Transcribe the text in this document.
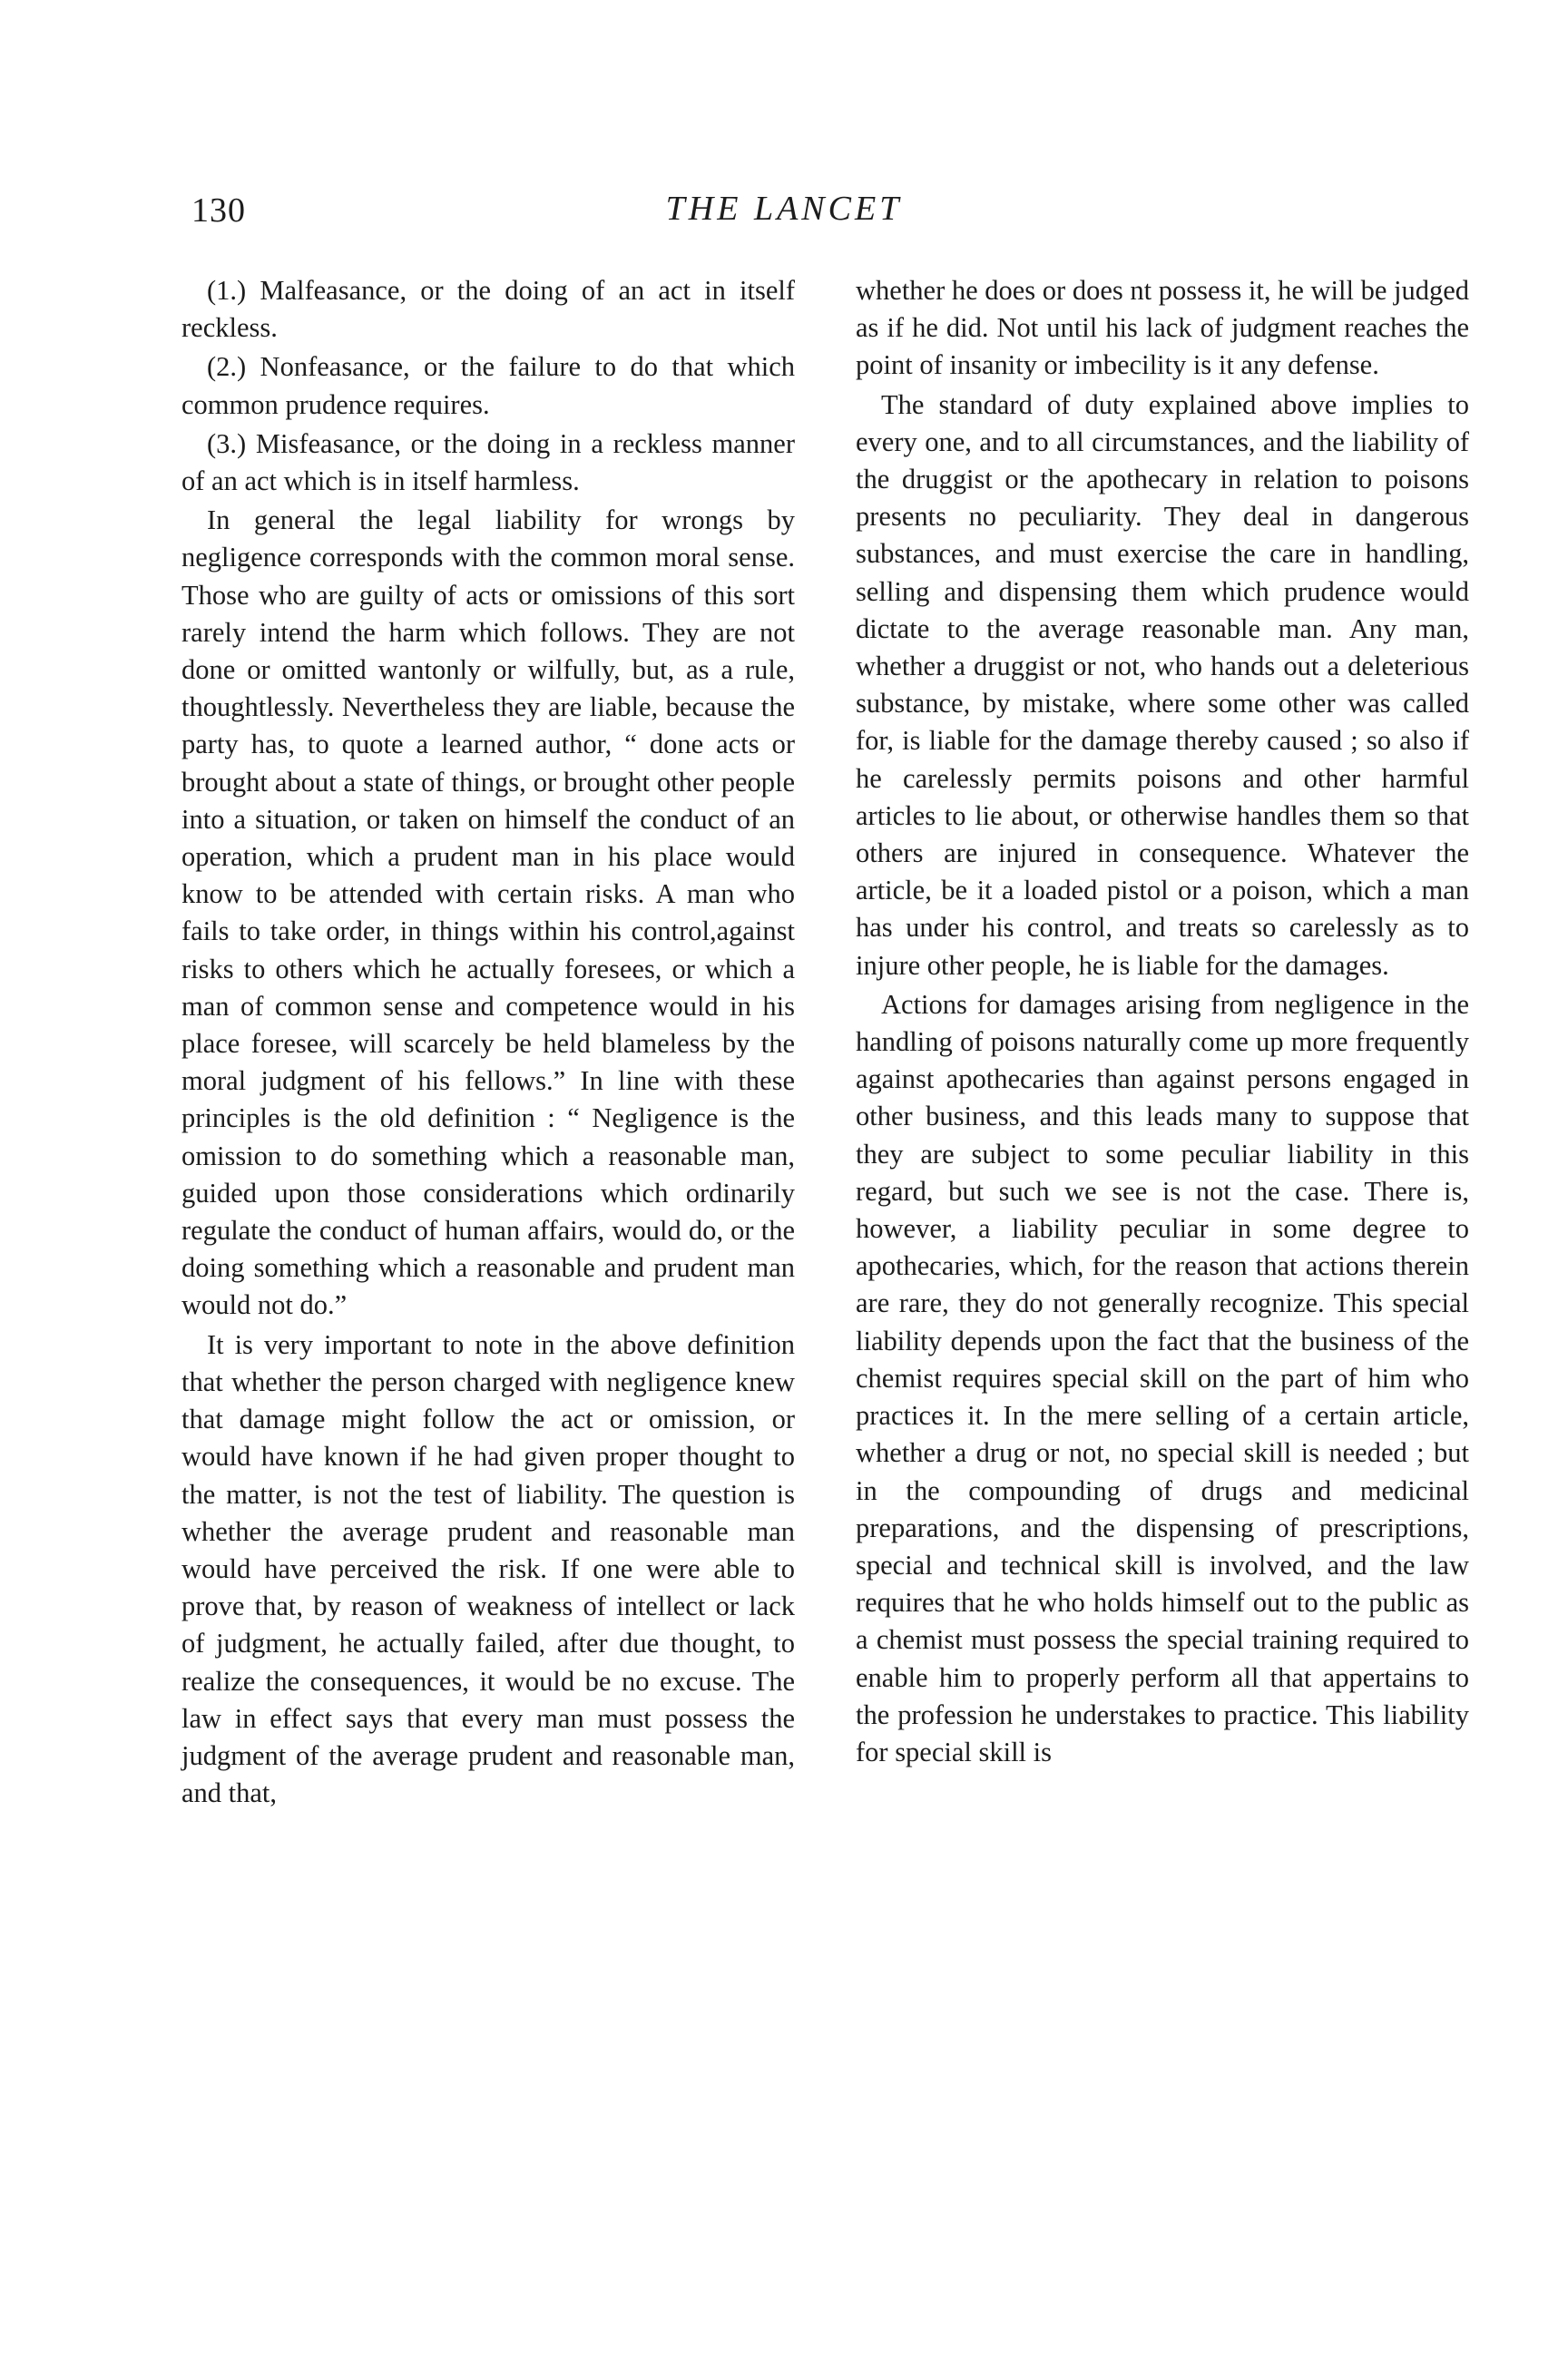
130	THE LANCET

(1.) Malfeasance, or the doing of an act in itself reckless.

(2.) Nonfeasance, or the failure to do that which common prudence requires.

(3.) Misfeasance, or the doing in a reckless manner of an act which is in itself harmless.

In general the legal liability for wrongs by negligence corresponds with the common moral sense. Those who are guilty of acts or omissions of this sort rarely intend the harm which follows. They are not done or omitted wantonly or wilfully, but, as a rule, thoughtlessly. Nevertheless they are liable, because the party has, to quote a learned author, “ done acts or brought about a state of things, or brought other people into a situation, or taken on himself the conduct of an operation, which a prudent man in his place would know to be attended with certain risks. A man who fails to take order, in things within his control,against risks to others which he actually foresees, or which a man of common sense and competence would in his place foresee, will scarcely be held blameless by the moral judgment of his fellows.” In line with these principles is the old definition : “ Negligence is the omission to do something which a reasonable man, guided upon those considerations which ordinarily regulate the conduct of human affairs, would do, or the doing something which a reasonable and prudent man would not do.”

It is very important to note in the above definition that whether the person charged with negligence knew that damage might follow the act or omission, or would have known if he had given proper thought to the matter, is not the test of liability. The question is whether the average prudent and reasonable man would have perceived the risk. If one were able to prove that, by reason of weakness of intellect or lack of judgment, he actually failed, after due thought, to realize the consequences, it would be no excuse. The law in effect says that every man must possess the judgment of the average prudent and reasonable man, and that,

whether he does or does nt possess it, he will be judged as if he did. Not until his lack of judgment reaches the point of insanity or imbecility is it any defense.

The standard of duty explained above implies to every one, and to all circumstances, and the liability of the druggist or the apothecary in relation to poisons presents no peculiarity. They deal in dangerous substances, and must exercise the care in handling, selling and dispensing them which prudence would dictate to the average reasonable man. Any man, whether a druggist or not, who hands out a deleterious substance, by mistake, where some other was called for, is liable for the damage thereby caused ; so also if he carelessly permits poisons and other harmful articles to lie about, or otherwise handles them so that others are injured in consequence. Whatever the article, be it a loaded pistol or a poison, which a man has under his control, and treats so carelessly as to injure other people, he is liable for the damages.

Actions for damages arising from negligence in the handling of poisons naturally come up more frequently against apothecaries than against persons engaged in other business, and this leads many to suppose that they are subject to some peculiar liability in this regard, but such we see is not the case. There is, however, a liability peculiar in some degree to apothecaries, which, for the reason that actions therein are rare, they do not generally recognize. This special liability depends upon the fact that the business of the chemist requires special skill on the part of him who practices it. In the mere selling of a certain article, whether a drug or not, no special skill is needed ; but in the compounding of drugs and medicinal preparations, and the dispensing of prescriptions, special and technical skill is involved, and the law requires that he who holds himself out to the public as a chemist must possess the special training required to enable him to properly perform all that appertains to the profession he understakes to practice. This liability for special skill is
